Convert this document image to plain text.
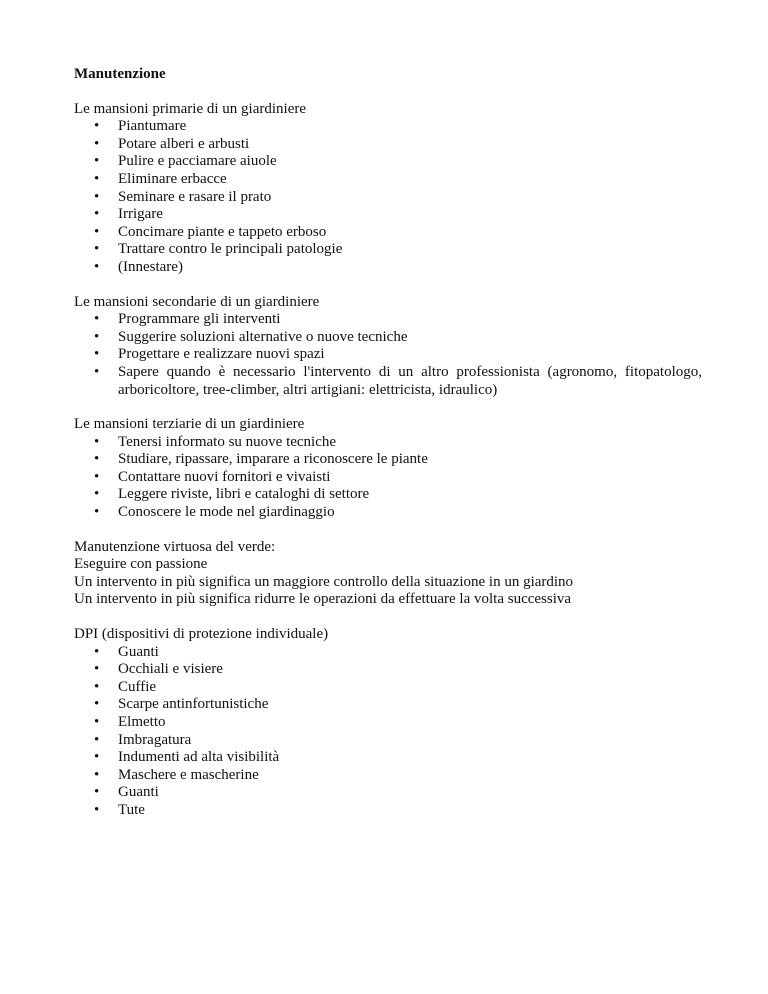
Manutenzione

Le mansioni primarie di un giardiniere

• Piantumare
• Potare alberi e arbusti
• Pulire e pacciamare aiuole
• Eliminare erbacce
• Seminare e rasare il prato
• Irrigare
• Concimare piante e tappeto erboso
• Trattare contro le principali patologie
• (Innestare)

Le mansioni secondarie di un giardiniere

• Programmare gli interventi
• Suggerire soluzioni alternative o nuove tecniche
• Progettare e realizzare nuovi spazi
• Sapere quando è necessario l'intervento di un altro professionista (agronomo, fitopatologo, arboricoltore, tree-climber, altri artigiani: elettricista, idraulico)

Le mansioni terziarie di un giardiniere

• Tenersi informato su nuove tecniche
• Studiare, ripassare, imparare a riconoscere le piante
• Contattare nuovi fornitori e vivaisti
• Leggere riviste, libri e cataloghi di settore
• Conoscere le mode nel giardinaggio

Manutenzione virtuosa del verde:

Eseguire con passione

Un intervento in più significa un maggiore controllo della situazione in un giardino

Un intervento in più significa ridurre le operazioni da effettuare la volta successiva

DPI (dispositivi di protezione individuale)

• Guanti
• Occhiali e visiere
• Cuffie
• Scarpe antinfortunistiche
• Elmetto
• Imbragatura
• Indumenti ad alta visibilità
• Maschere e mascherine
• Guanti
• Tute
